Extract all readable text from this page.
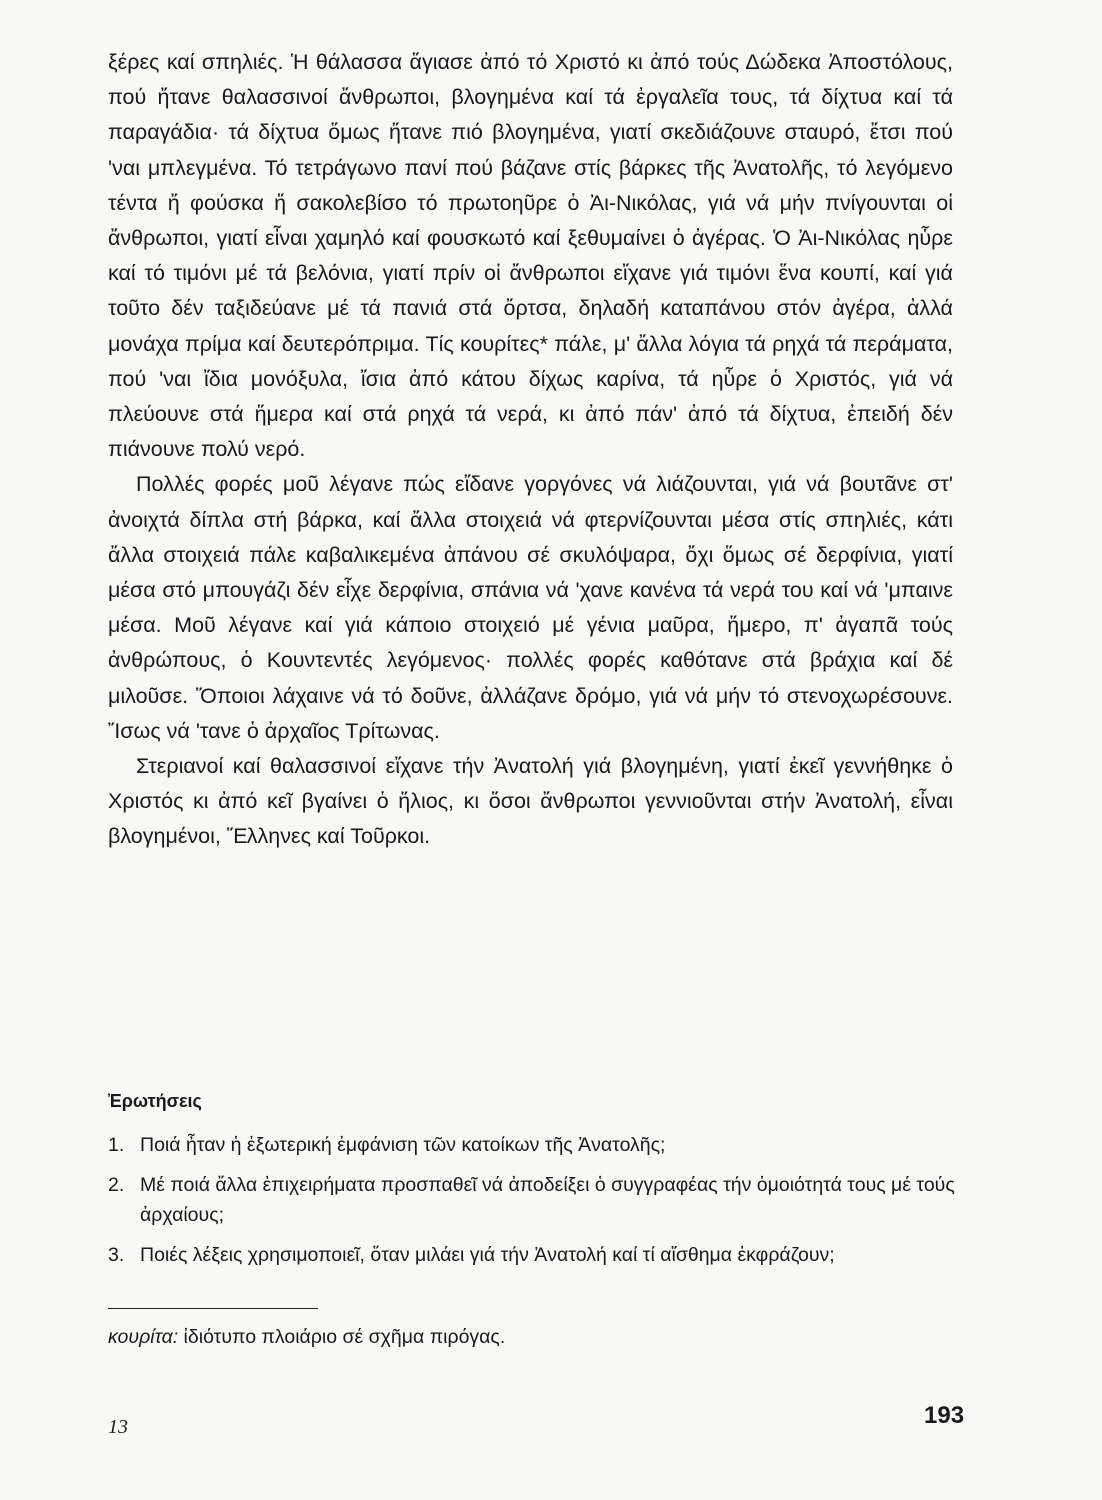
ξέρες καί σπηλιές. Ἡ θάλασσα ἅγιασε ἀπό τό Χριστό κι ἀπό τούς Δώδεκα Ἀποστόλους, πού ἤτανε θαλασσινοί ἄνθρωποι, βλογημένα καί τά ἐργαλεῖα τους, τά δίχτυα καί τά παραγάδια· τά δίχτυα ὅμως ἤτανε πιό βλογημένα, γιατί σκεδιάζουνε σταυρό, ἔτσι πού 'ναι μπλεγμένα. Τό τετράγωνο πανί πού βάζανε στίς βάρκες τῆς Ἀνατολῆς, τό λεγόμενο τέντα ἤ φούσκα ἤ σακολεβίσο τό πρωτοηῦρε ὁ Ἀι-Νικόλας, γιά νά μήν πνίγουνται οἱ ἄνθρωποι, γιατί εἶναι χαμηλό καί φουσκωτό καί ξεθυμαίνει ὁ ἀγέρας. Ὁ Ἀι-Νικόλας ηὗρε καί τό τιμόνι μέ τά βελόνια, γιατί πρίν οἱ ἄνθρωποι εἴχανε γιά τιμόνι ἕνα κουπί, καί γιά τοῦτο δέν ταξιδεύανε μέ τά πανιά στά ὄρτσα, δηλαδή καταπάνου στόν ἀγέρα, ἀλλά μονάχα πρίμα καί δευτερόπριμα. Τίς κουρίτες* πάλε, μ' ἄλλα λόγια τά ρηχά τά περάματα, πού 'ναι ἴδια μονόξυλα, ἴσια ἀπό κάτου δίχως καρίνα, τά ηὗρε ὁ Χριστός, γιά νά πλεύουνε στά ἥμερα καί στά ρηχά τά νερά, κι ἀπό πάν' ἀπό τά δίχτυα, ἐπειδή δέν πιάνουνε πολύ νερό.

Πολλές φορές μοῦ λέγανε πώς εἴδανε γοργόνες νά λιάζουνται, γιά νά βουτᾶνε στ' ἀνοιχτά δίπλα στή βάρκα, καί ἄλλα στοιχειά νά φτερνίζουνται μέσα στίς σπηλιές, κάτι ἄλλα στοιχειά πάλε καβαλικεμένα ἀπάνου σέ σκυλόψαρα, ὄχι ὅμως σέ δερφίνια, γιατί μέσα στό μπουγάζι δέν εἶχε δερφίνια, σπάνια νά 'χανε κανένα τά νερά του καί νά 'μπαινε μέσα. Μοῦ λέγανε καί γιά κάποιο στοιχειό μέ γένια μαῦρα, ἥμερο, π' ἀγαπᾶ τούς ἀνθρώπους, ὁ Κουντεντές λεγόμενος· πολλές φορές καθότανε στά βράχια καί δέ μιλοῦσε. Ὅποιοι λάχαινε νά τό δοῦνε, ἀλλάζανε δρόμο, γιά νά μήν τό στενοχωρέσουνε. Ἴσως νά 'τανε ὁ ἀρχαῖος Τρίτωνας.

Στεριανοί καί θαλασσινοί εἴχανε τήν Ἀνατολή γιά βλογημένη, γιατί ἐκεῖ γεννήθηκε ὁ Χριστός κι ἀπό κεῖ βγαίνει ὁ ἥλιος, κι ὅσοι ἄνθρωποι γεννιοῦνται στήν Ἀνατολή, εἶναι βλογημένοι, Ἕλληνες καί Τοῦρκοι.

Ἐρωτήσεις
1. Ποιά ἦταν ἡ ἐξωτερική ἐμφάνιση τῶν κατοίκων τῆς Ἀνατολῆς;
2. Μέ ποιά ἄλλα ἐπιχειρήματα προσπαθεῖ νά ἀποδείξει ὁ συγγραφέας τήν ὁμοιότητά τους μέ τούς ἀρχαίους;
3. Ποιές λέξεις χρησιμοποιεῖ, ὅταν μιλάει γιά τήν Ἀνατολή καί τί αἴσθημα ἐκφράζουν;
κουρίτα: ἰδιότυπο πλοιάριο σέ σχῆμα πιρόγας.
13	193
